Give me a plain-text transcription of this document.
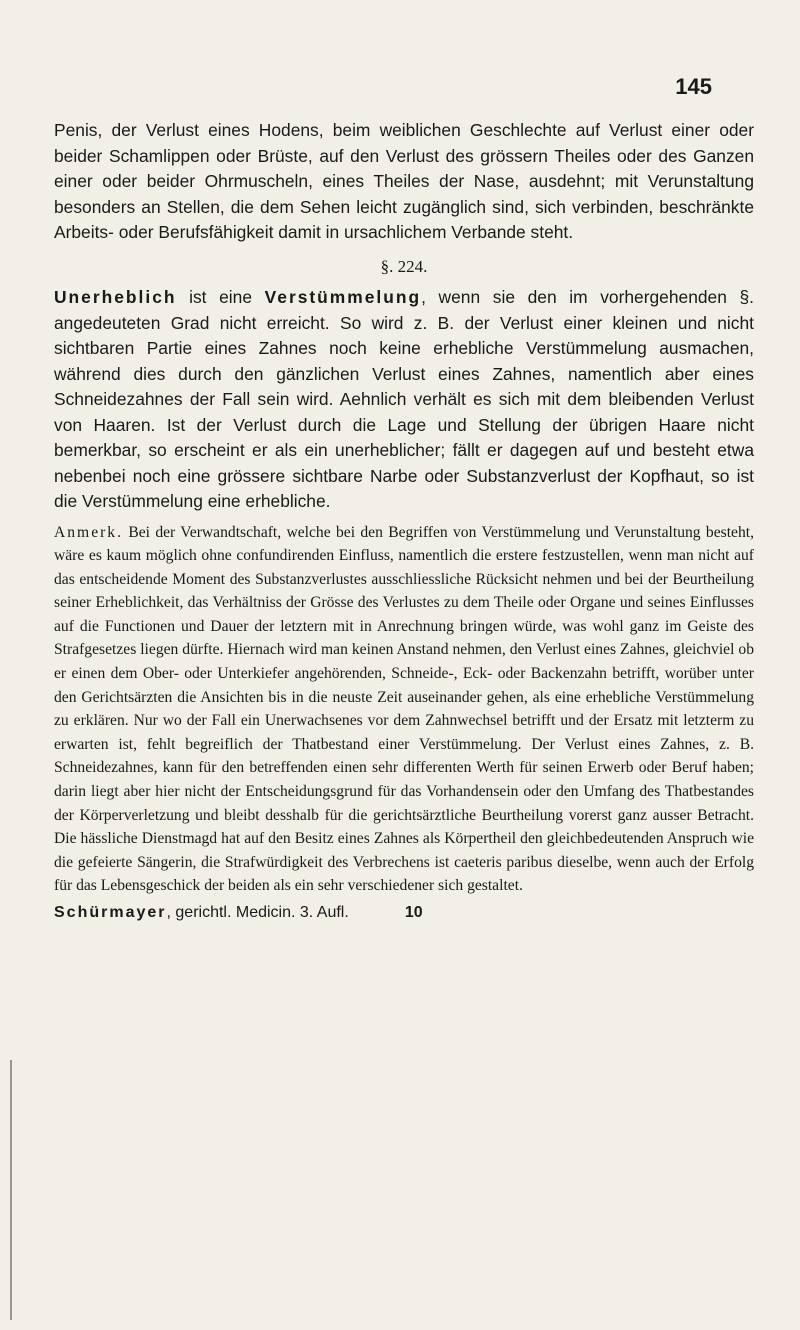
145

Penis, der Verlust eines Hodens, beim weiblichen Geschlechte auf Verlust einer oder beider Schamlippen oder Brüste, auf den Verlust des grössern Theiles oder des Ganzen einer oder beider Ohrmuscheln, eines Theiles der Nase, ausdehnt; mit Verunstaltung besonders an Stellen, die dem Sehen leicht zugänglich sind, sich verbinden, beschränkte Arbeits- oder Berufsfähigkeit damit in ursachlichem Verbande steht.

§. 224.

Unerheblich ist eine Verstümmelung, wenn sie den im vorhergehenden §. angedeuteten Grad nicht erreicht. So wird z. B. der Verlust einer kleinen und nicht sichtbaren Partie eines Zahnes noch keine erhebliche Verstümmelung ausmachen, während dies durch den gänzlichen Verlust eines Zahnes, namentlich aber eines Schneidezahnes der Fall sein wird. Aehnlich verhält es sich mit dem bleibenden Verlust von Haaren. Ist der Verlust durch die Lage und Stellung der übrigen Haare nicht bemerkbar, so erscheint er als ein unerheblicher; fällt er dagegen auf und besteht etwa nebenbei noch eine grössere sichtbare Narbe oder Substanzverlust der Kopfhaut, so ist die Verstümmelung eine erhebliche.

Anmerk. Bei der Verwandtschaft, welche bei den Begriffen von Verstümmelung und Verunstaltung besteht, wäre es kaum möglich ohne confundirenden Einfluss, namentlich die erstere festzustellen, wenn man nicht auf das entscheidende Moment des Substanzverlustes ausschliessliche Rücksicht nehmen und bei der Beurtheilung seiner Erheblichkeit, das Verhältniss der Grösse des Verlustes zu dem Theile oder Organe und seines Einflusses auf die Functionen und Dauer der letztern mit in Anrechnung bringen würde, was wohl ganz im Geiste des Strafgesetzes liegen dürfte. Hiernach wird man keinen Anstand nehmen, den Verlust eines Zahnes, gleichviel ob er einen dem Ober- oder Unterkiefer angehörenden, Schneide-, Eck- oder Backenzahn betrifft, worüber unter den Gerichtsärzten die Ansichten bis in die neuste Zeit auseinander gehen, als eine erhebliche Verstümmelung zu erklären. Nur wo der Fall ein Unerwachsenes vor dem Zahnwechsel betrifft und der Ersatz mit letzterm zu erwarten ist, fehlt begreiflich der Thatbestand einer Verstümmelung. Der Verlust eines Zahnes, z. B. Schneidezahnes, kann für den betreffenden einen sehr differenten Werth für seinen Erwerb oder Beruf haben; darin liegt aber hier nicht der Entscheidungsgrund für das Vorhandensein oder den Umfang des Thatbestandes der Körperverletzung und bleibt desshalb für die gerichtsärztliche Beurtheilung vorerst ganz ausser Betracht. Die hässliche Dienstmagd hat auf den Besitz eines Zahnes als Körpertheil den gleichbedeutenden Anspruch wie die gefeierte Sängerin, die Strafwürdigkeit des Verbrechens ist caeteris paribus dieselbe, wenn auch der Erfolg für das Lebensgeschick der beiden als ein sehr verschiedener sich gestaltet.

Schürmayer , gerichtl. Medicin. 3. Aufl.	10
